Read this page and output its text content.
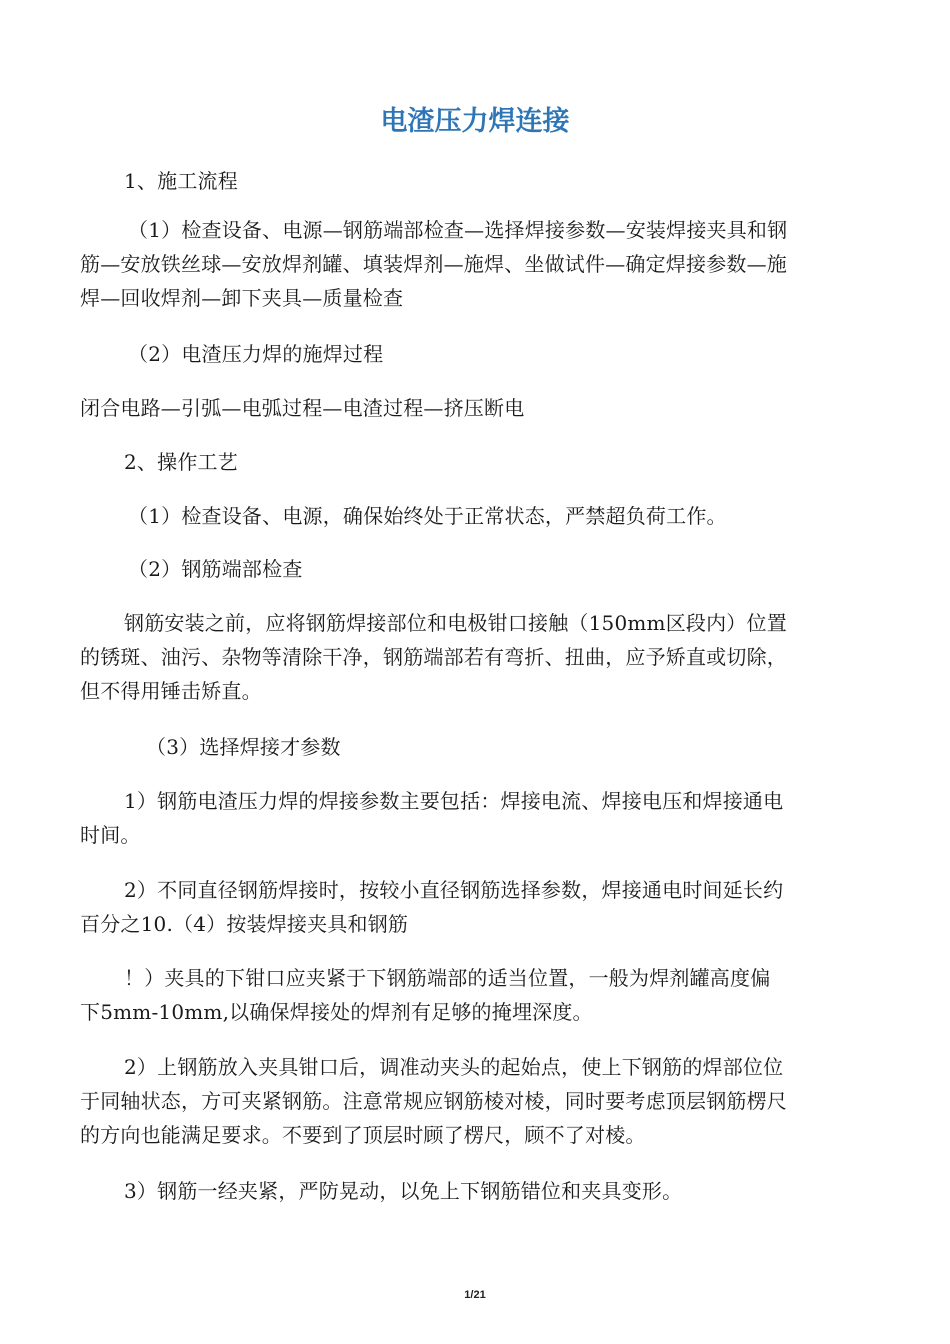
电渣压力焊连接
1、施工流程
（1）检查设备、电源—钢筋端部检查—选择焊接参数—安装焊接夹具和钢
筋—安放铁丝球—安放焊剂罐、填装焊剂—施焊、坐做试件—确定焊接参数—施
焊—回收焊剂—卸下夹具—质量检查
（2）电渣压力焊的施焊过程
闭合电路—引弧—电弧过程—电渣过程—挤压断电
2、操作工艺
（1）检查设备、电源，确保始终处于正常状态，严禁超负荷工作。
（2）钢筋端部检查
钢筋安装之前，应将钢筋焊接部位和电极钳口接触（150mm区段内）位置
的锈斑、油污、杂物等清除干净，钢筋端部若有弯折、扭曲，应予矫直或切除，
但不得用锤击矫直。
（3）选择焊接才参数
1）钢筋电渣压力焊的焊接参数主要包括：焊接电流、焊接电压和焊接通电
时间。
2）不同直径钢筋焊接时，按较小直径钢筋选择参数，焊接通电时间延长约
百分之10.（4）按装焊接夹具和钢筋
！）夹具的下钳口应夹紧于下钢筋端部的适当位置，一般为焊剂罐高度偏
下5mm-10mm,以确保焊接处的焊剂有足够的掩埋深度。
2）上钢筋放入夹具钳口后，调准动夹头的起始点，使上下钢筋的焊部位位
于同轴状态，方可夹紧钢筋。注意常规应钢筋棱对棱，同时要考虑顶层钢筋楞尺
的方向也能满足要求。不要到了顶层时顾了楞尺，顾不了对棱。
3）钢筋一经夹紧，严防晃动，以免上下钢筋错位和夹具变形。
1/21
